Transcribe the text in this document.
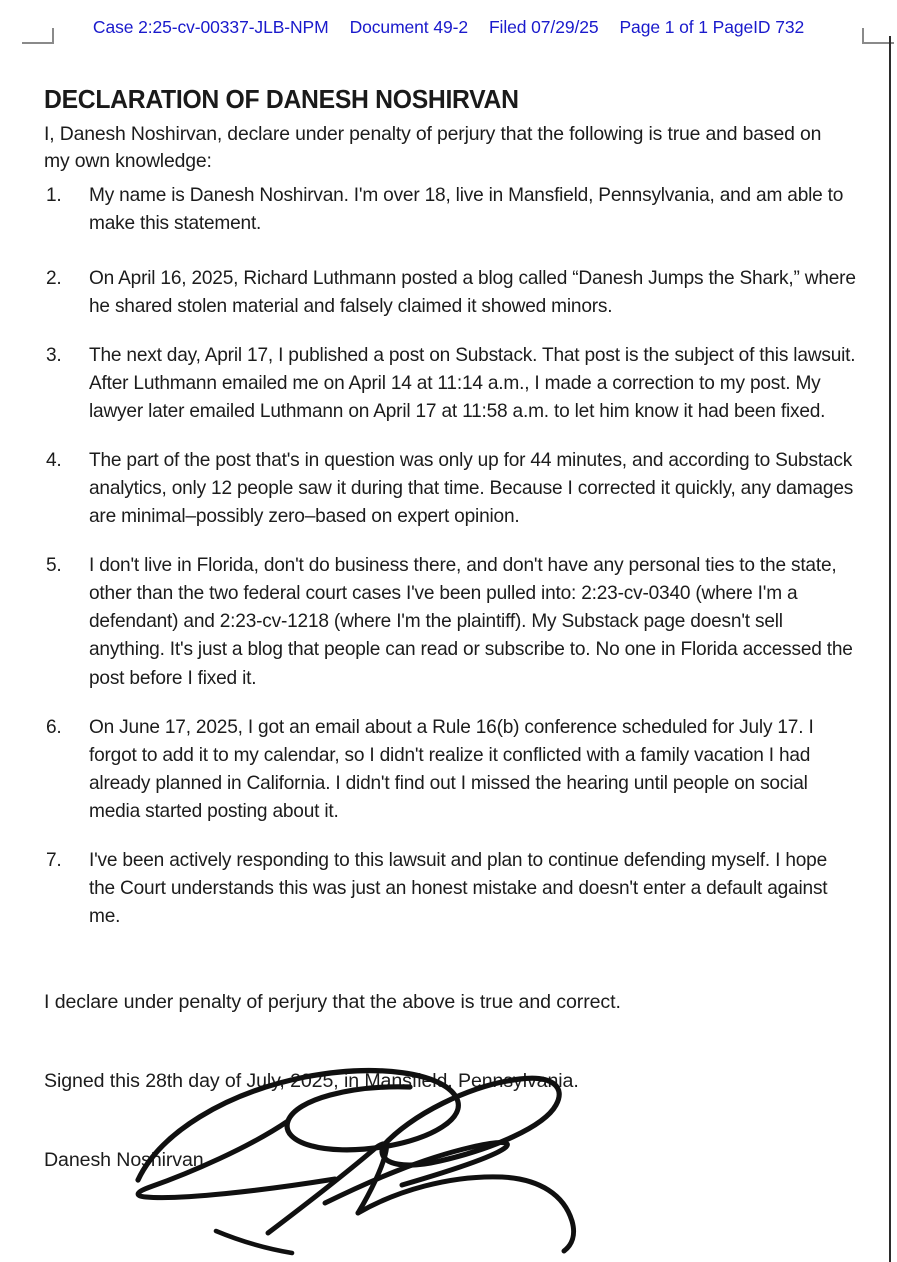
Case 2:25-cv-00337-JLB-NPM Document 49-2 Filed 07/29/25 Page 1 of 1 PageID 732
DECLARATION OF DANESH NOSHIRVAN

I, Danesh Noshirvan, declare under penalty of perjury that the following is true and based on my own knowledge:

1.	My name is Danesh Noshirvan. I'm over 18, live in Mansfield, Pennsylvania, and am able to make this statement.
2.	On April 16, 2025, Richard Luthmann posted a blog called “Danesh Jumps the Shark,” where he shared stolen material and falsely claimed it showed minors.
3.	The next day, April 17, I published a post on Substack. That post is the subject of this lawsuit. After Luthmann emailed me on April 14 at 11:14 a.m., I made a correction to my post. My lawyer later emailed Luthmann on April 17 at 11:58 a.m. to let him know it had been fixed.
4.	The part of the post that's in question was only up for 44 minutes, and according to Substack analytics, only 12 people saw it during that time. Because I corrected it quickly, any damages are minimal–possibly zero–based on expert opinion.
5.	I don't live in Florida, don't do business there, and don't have any personal ties to the state, other than the two federal court cases I've been pulled into: 2:23-cv-0340 (where I'm a defendant) and 2:23-cv-1218 (where I'm the plaintiff). My Substack page doesn't sell anything. It's just a blog that people can read or subscribe to. No one in Florida accessed the post before I fixed it.
6.	On June 17, 2025, I got an email about a Rule 16(b) conference scheduled for July 17. I forgot to add it to my calendar, so I didn't realize it conflicted with a family vacation I had already planned in California. I didn't find out I missed the hearing until people on social media started posting about it.
7.	I've been actively responding to this lawsuit and plan to continue defending myself. I hope the Court understands this was just an honest mistake and doesn't enter a default against me.

I declare under penalty of perjury that the above is true and correct.

Signed this 28th day of July, 2025, in Mansfield, Pennsylvania.

Danesh Noshirvan
